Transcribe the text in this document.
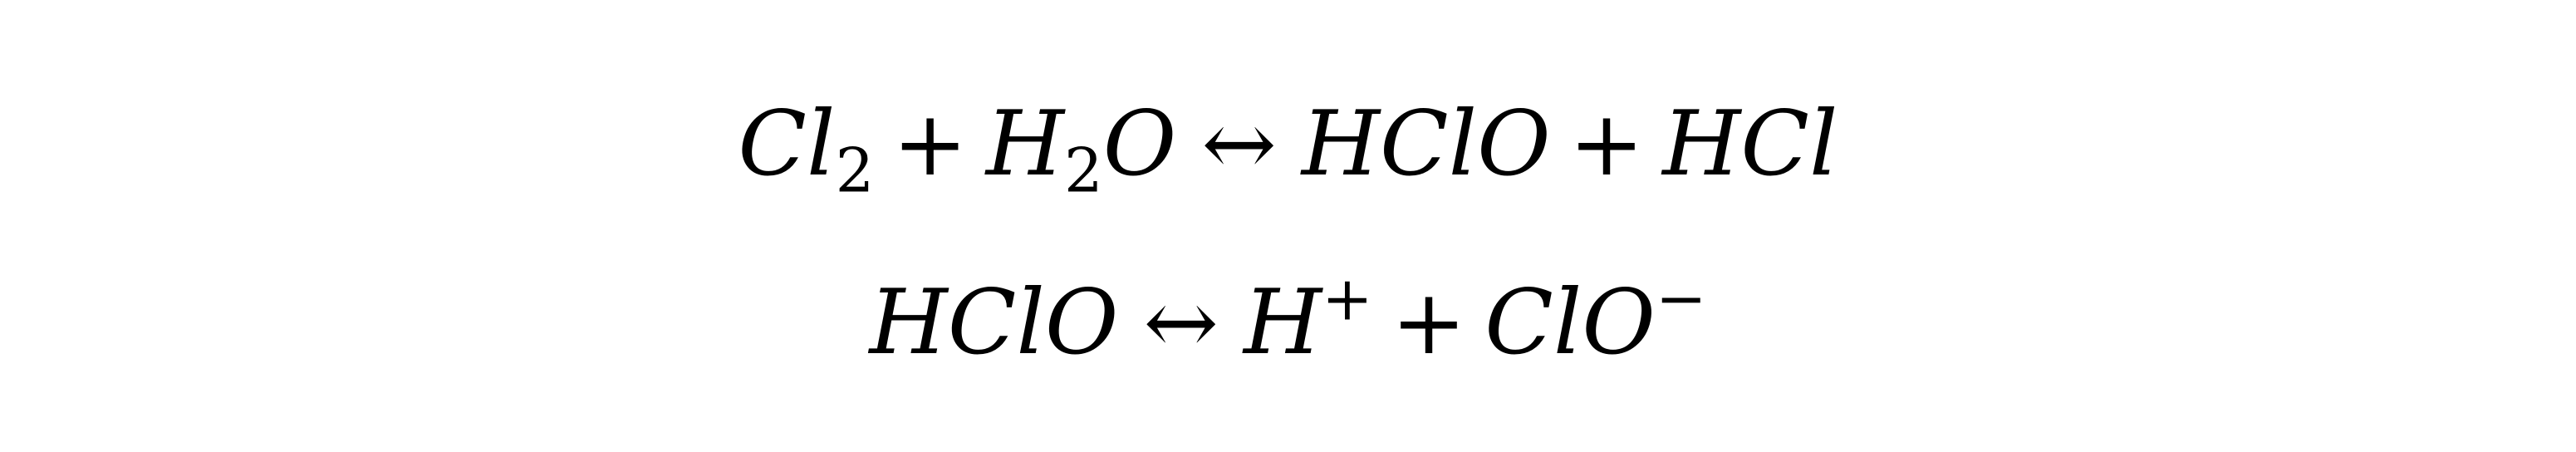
$Cl_2 + H_2O$ ↔ HClO + HCl
HClO ↔ H+ + ClO−
